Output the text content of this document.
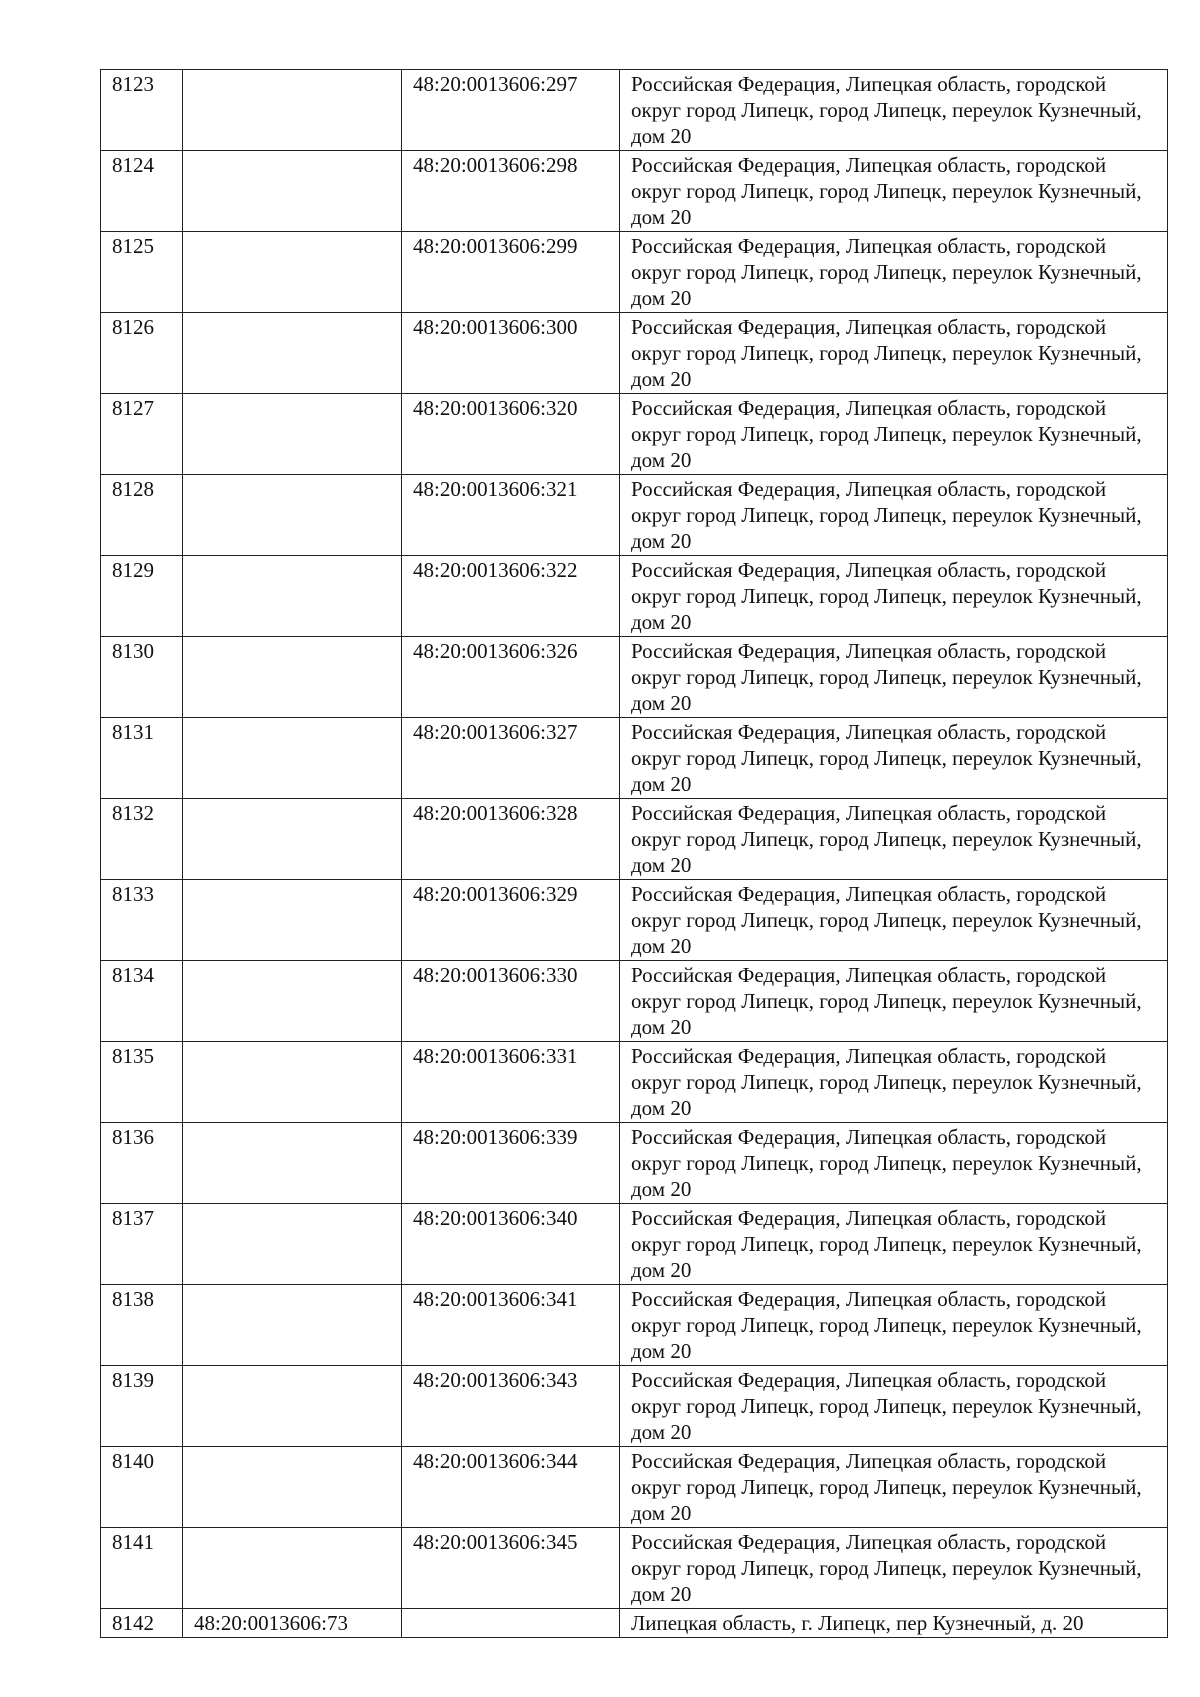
8123		48:20:0013606:297	Российская Федерация, Липецкая область, городской округ город Липецк, город Липецк, переулок Кузнечный, дом 20
8124		48:20:0013606:298	Российская Федерация, Липецкая область, городской округ город Липецк, город Липецк, переулок Кузнечный, дом 20
8125		48:20:0013606:299	Российская Федерация, Липецкая область, городской округ город Липецк, город Липецк, переулок Кузнечный, дом 20
8126		48:20:0013606:300	Российская Федерация, Липецкая область, городской округ город Липецк, город Липецк, переулок Кузнечный, дом 20
8127		48:20:0013606:320	Российская Федерация, Липецкая область, городской округ город Липецк, город Липецк, переулок Кузнечный, дом 20
8128		48:20:0013606:321	Российская Федерация, Липецкая область, городской округ город Липецк, город Липецк, переулок Кузнечный, дом 20
8129		48:20:0013606:322	Российская Федерация, Липецкая область, городской округ город Липецк, город Липецк, переулок Кузнечный, дом 20
8130		48:20:0013606:326	Российская Федерация, Липецкая область, городской округ город Липецк, город Липецк, переулок Кузнечный, дом 20
8131		48:20:0013606:327	Российская Федерация, Липецкая область, городской округ город Липецк, город Липецк, переулок Кузнечный, дом 20
8132		48:20:0013606:328	Российская Федерация, Липецкая область, городской округ город Липецк, город Липецк, переулок Кузнечный, дом 20
8133		48:20:0013606:329	Российская Федерация, Липецкая область, городской округ город Липецк, город Липецк, переулок Кузнечный, дом 20
8134		48:20:0013606:330	Российская Федерация, Липецкая область, городской округ город Липецк, город Липецк, переулок Кузнечный, дом 20
8135		48:20:0013606:331	Российская Федерация, Липецкая область, городской округ город Липецк, город Липецк, переулок Кузнечный, дом 20
8136		48:20:0013606:339	Российская Федерация, Липецкая область, городской округ город Липецк, город Липецк, переулок Кузнечный, дом 20
8137		48:20:0013606:340	Российская Федерация, Липецкая область, городской округ город Липецк, город Липецк, переулок Кузнечный, дом 20
8138		48:20:0013606:341	Российская Федерация, Липецкая область, городской округ город Липецк, город Липецк, переулок Кузнечный, дом 20
8139		48:20:0013606:343	Российская Федерация, Липецкая область, городской округ город Липецк, город Липецк, переулок Кузнечный, дом 20
8140		48:20:0013606:344	Российская Федерация, Липецкая область, городской округ город Липецк, город Липецк, переулок Кузнечный, дом 20
8141		48:20:0013606:345	Российская Федерация, Липецкая область, городской округ город Липецк, город Липецк, переулок Кузнечный, дом 20
8142	48:20:0013606:73		Липецкая область, г. Липецк, пер Кузнечный, д. 20
